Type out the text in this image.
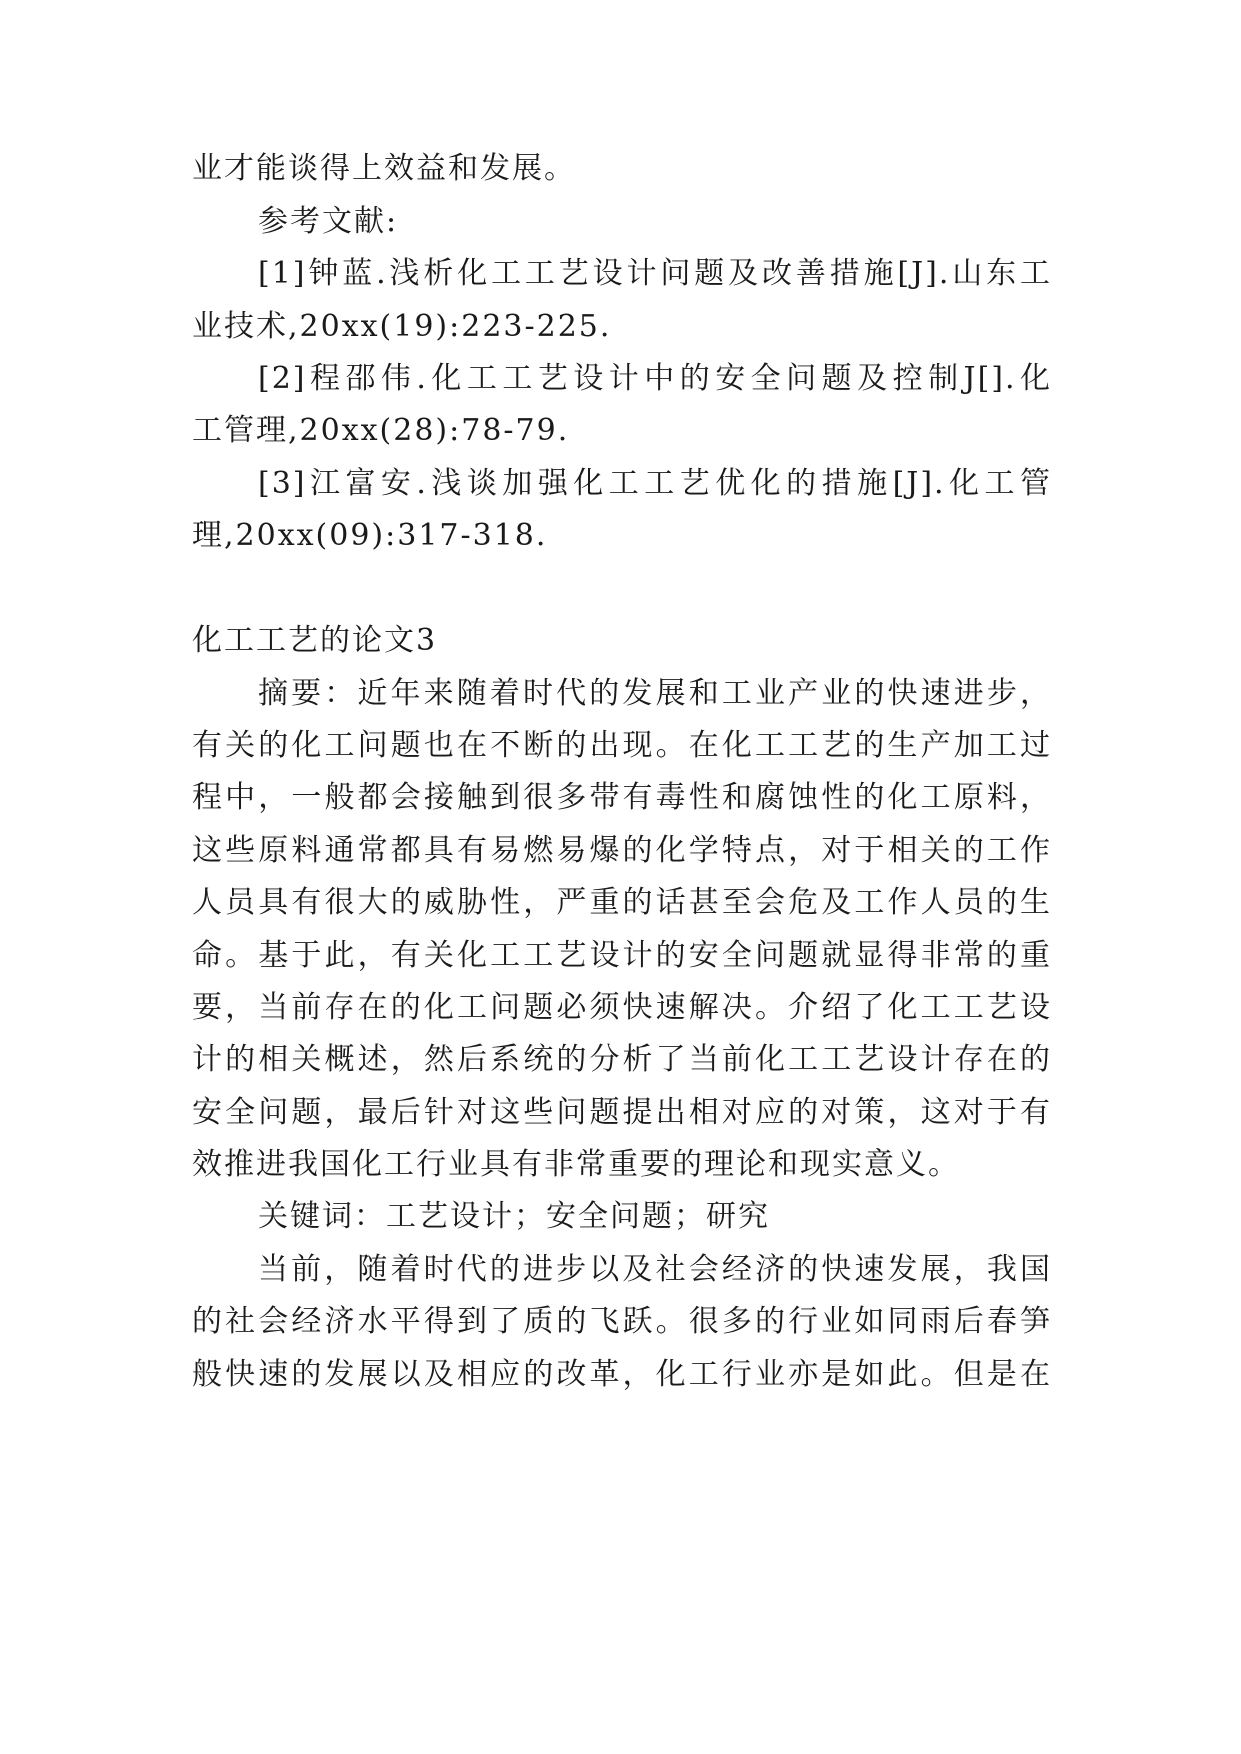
业才能谈得上效益和发展。
参考文献:
[1]钟蓝.浅析化工工艺设计问题及改善措施[J].山东工
业技术,20xx(19):223-225.
[2]程邵伟.化工工艺设计中的安全问题及控制J[].化
工管理,20xx(28):78-79.
[3]江富安.浅谈加强化工工艺优化的措施[J].化工管
理,20xx(09):317-318.
化工工艺的论文3
摘要：近年来随着时代的发展和工业产业的快速进步，
有关的化工问题也在不断的出现。在化工工艺的生产加工过
程中，一般都会接触到很多带有毒性和腐蚀性的化工原料，
这些原料通常都具有易燃易爆的化学特点，对于相关的工作
人员具有很大的威胁性，严重的话甚至会危及工作人员的生
命。基于此，有关化工工艺设计的安全问题就显得非常的重
要，当前存在的化工问题必须快速解决。介绍了化工工艺设
计的相关概述，然后系统的分析了当前化工工艺设计存在的
安全问题，最后针对这些问题提出相对应的对策，这对于有
效推进我国化工行业具有非常重要的理论和现实意义。
关键词：工艺设计；安全问题；研究
当前，随着时代的进步以及社会经济的快速发展，我国
的社会经济水平得到了质的飞跃。很多的行业如同雨后春笋
般快速的发展以及相应的改革，化工行业亦是如此。但是在
